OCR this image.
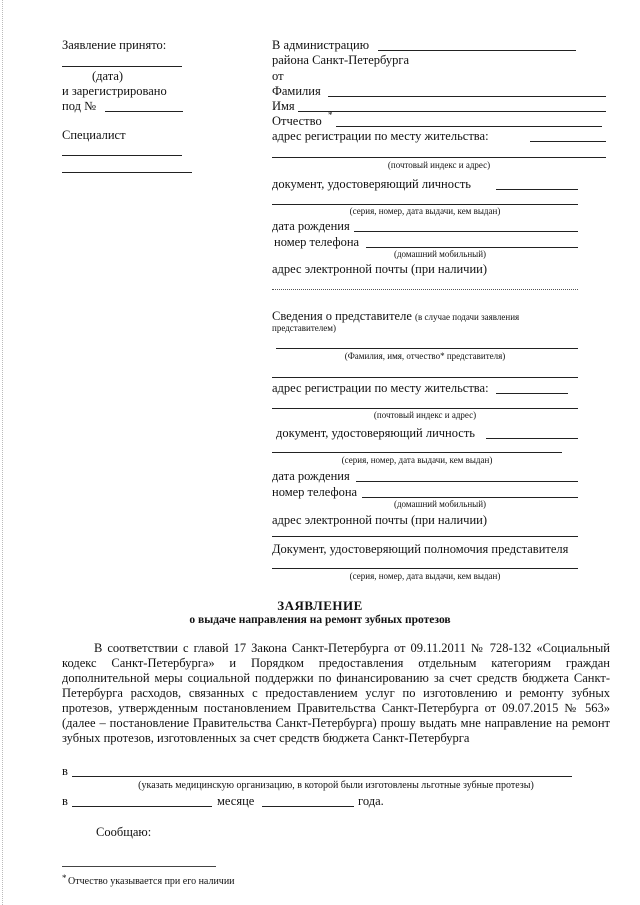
Заявление принято:
(дата)
и зарегистрировано
под №
Специалист
В администрацию
района Санкт-Петербурга
от
Фамилия
Имя
Отчество *
адрес регистрации по месту жительства:
(почтовый индекс и адрес)
документ, удостоверяющий личность
(серия, номер, дата выдачи, кем выдан)
дата рождения
номер телефона
(домашний мобильный)
адрес электронной почты (при наличии)
Сведения о представителе (в случае подачи заявления
представителем)
(Фамилия, имя, отчество* представителя)
адрес регистрации по месту жительства:
(почтовый индекс и адрес)
документ, удостоверяющий личность
(серия, номер, дата выдачи, кем выдан)
дата рождения
номер телефона
(домашний мобильный)
адрес электронной почты (при наличии)
Документ, удостоверяющий полномочия представителя
(серия, номер, дата выдачи, кем выдан)
ЗАЯВЛЕНИЕ
о выдаче направления на ремонт зубных протезов
В соответствии с главой 17 Закона Санкт-Петербурга от 09.11.2011 № 728-132 «Социальный кодекс Санкт-Петербурга» и Порядком предоставления отдельным категориям граждан дополнительной меры социальной поддержки по финансированию за счет средств бюджета Санкт-Петербурга расходов, связанных с предоставлением услуг по изготовлению и ремонту зубных протезов, утвержденным постановлением Правительства Санкт-Петербурга от 09.07.2015 № 563» (далее – постановление Правительства Санкт-Петербурга) прошу выдать мне направление на ремонт зубных протезов, изготовленных за счет средств бюджета Санкт-Петербурга
в
(указать медицинскую организацию, в которой были изготовлены льготные зубные протезы)
в	месяце	года.
Сообщаю:
* Отчество указывается при его наличии
